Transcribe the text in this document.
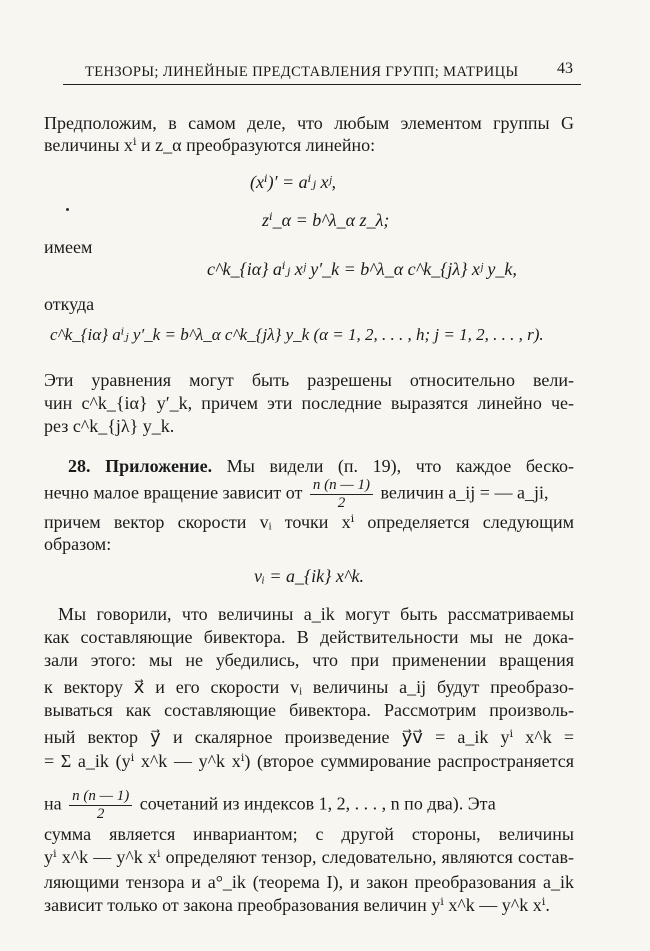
ТЕНЗОРЫ; ЛИНЕЙНЫЕ ПРЕДСТАВЛЕНИЯ ГРУПП; МАТРИЦЫ 43
Предположим, в самом деле, что любым элементом группы G
величины xⁱ и z_α преобразуются линейно:
(xⁱ)′ = aⁱⱼ xʲ,
zⁱ_α = b^λ_α z_λ;
имеем
c^k_{iα} aⁱⱼ xʲ y′_k = b^λ_α c^k_{jλ} xʲ y_k,
откуда
c^k_{iα} aⁱⱼ y′_k = b^λ_α c^k_{jλ} y_k (α = 1, 2, . . . , h; j = 1, 2, . . . , r).
Эти уравнения могут быть разрешены относительно вели-
чин c^k_{iα} y′_k, причем эти последние выразятся линейно че-
рез c^k_{jλ} y_k.
28. Приложение. Мы видели (п. 19), что каждое беско-
нечно малое вращение зависит от $\frac{n (n — 1)}{2}$ величин a_ij = — a_ji,
причем вектор скорости vᵢ точки xⁱ определяется следующим
образом:
vᵢ = a_{ik} x^k.
Мы говорили, что величины a_ik могут быть рассматриваемы
как составляющие бивектора. В действительности мы не дока-
зали этого: мы не убедились, что при применении вращения
к вектору x⃗ и его скорости vᵢ величины a_ij будут преобразо-
вываться как составляющие бивектора. Рассмотрим произволь-
ный вектор y⃗ и скалярное произведение y⃗v⃗ = a_ik yⁱ x^k =
= Σ a_ik (yⁱ x^k — y^k xⁱ) (второе суммирование распространяется
на $\frac{n (n — 1)}{2}$ сочетаний из индексов 1, 2, . . . , n по два). Эта
сумма является инвариантом; с другой стороны, величины
yⁱ x^k — y^k xⁱ определяют тензор, следовательно, являются состав-
ляющими тензора и a°_ik (теорема I), и закон преобразования a_ik
зависит только от закона преобразования величин yⁱ x^k — y^k xⁱ.
